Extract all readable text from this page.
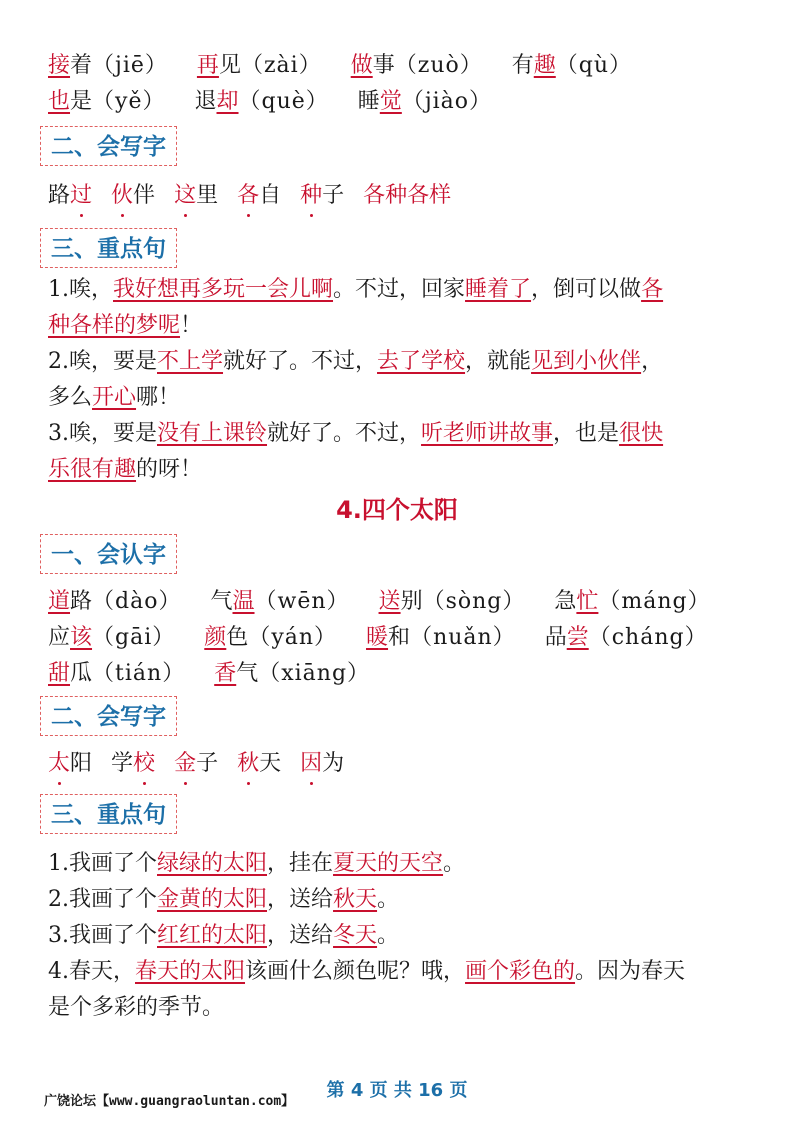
接着（jiē） 再见（zài） 做事（zuò） 有趣（qù）
也是（yě） 退却（què） 睡觉（jiào）
二、会写字
路过 伙伴 这里 各自 种子 各种各样
三、重点句
1.唉，我好想再多玩一会儿啊。不过，回家睡着了，倒可以做各
种各样的梦呢！
2.唉，要是不上学就好了。不过，去了学校，就能见到小伙伴，
多么开心哪！
3.唉，要是没有上课铃就好了。不过，听老师讲故事，也是很快
乐很有趣的呀！
4.四个太阳
一、会认字
道路（dào） 气温（wēn） 送别（sòng） 急忙（máng）
应该（gāi） 颜色（yán） 暖和（nuǎn） 品尝（cháng）
甜瓜（tián） 香气（xiāng）
二、会写字
太阳 学校 金子 秋天 因为
三、重点句
1.我画了个绿绿的太阳，挂在夏天的天空。
2.我画了个金黄的太阳，送给秋天。
3.我画了个红红的太阳，送给冬天。
4.春天，春天的太阳该画什么颜色呢？哦，画个彩色的。因为春天
是个多彩的季节。
广饶论坛【www.guangraoluntan.com】
第 4 页 共 16 页
